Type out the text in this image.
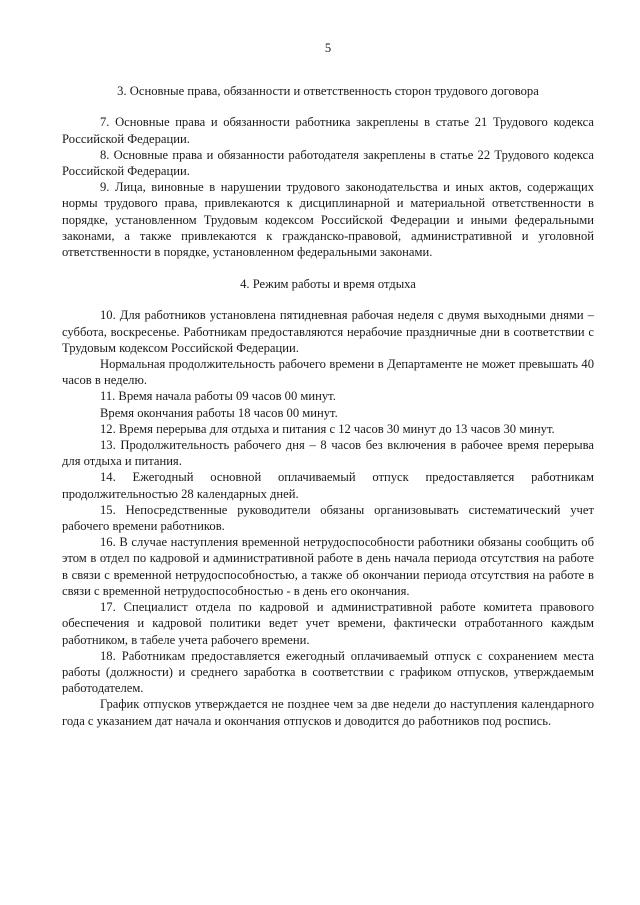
5
3. Основные права, обязанности и ответственность сторон трудового договора

7. Основные права и обязанности работника закреплены в статье 21 Трудового кодекса Российской Федерации.

8. Основные права и обязанности работодателя закреплены в статье 22 Трудового кодекса Российской Федерации.

9. Лица, виновные в нарушении трудового законодательства и иных актов, содержащих нормы трудового права, привлекаются к дисциплинарной и материальной ответственности в порядке, установленном Трудовым кодексом Российской Федерации и иными федеральными законами, а также привлекаются к гражданско-правовой, административной и уголовной ответственности в порядке, установленном федеральными законами.

4. Режим работы и время отдыха

10. Для работников установлена пятидневная рабочая неделя с двумя выходными днями – суббота, воскресенье. Работникам предоставляются нерабочие праздничные дни в соответствии с Трудовым кодексом Российской Федерации.

Нормальная продолжительность рабочего времени в Департаменте не может превышать 40 часов в неделю.

11. Время начала работы 09 часов 00 минут.

Время окончания работы 18 часов 00 минут.

12. Время перерыва для отдыха и питания с 12 часов 30 минут до 13 часов 30 минут.

13. Продолжительность рабочего дня – 8 часов без включения в рабочее время перерыва для отдыха и питания.

14. Ежегодный основной оплачиваемый отпуск предоставляется работникам продолжительностью 28 календарных дней.

15. Непосредственные руководители обязаны организовывать систематический учет рабочего времени работников.

16. В случае наступления временной нетрудоспособности работники обязаны сообщить об этом в отдел по кадровой и административной работе в день начала периода отсутствия на работе в связи с временной нетрудоспособностью, а также об окончании периода отсутствия на работе в связи с временной нетрудоспособностью - в день его окончания.

17. Специалист отдела по кадровой и административной работе комитета правового обеспечения и кадровой политики ведет учет времени, фактически отработанного каждым работником, в табеле учета рабочего времени.

18. Работникам предоставляется ежегодный оплачиваемый отпуск с сохранением места работы (должности) и среднего заработка в соответствии с графиком отпусков, утверждаемым работодателем.

График отпусков утверждается не позднее чем за две недели до наступления календарного года с указанием дат начала и окончания отпусков и доводится до работников под роспись.
